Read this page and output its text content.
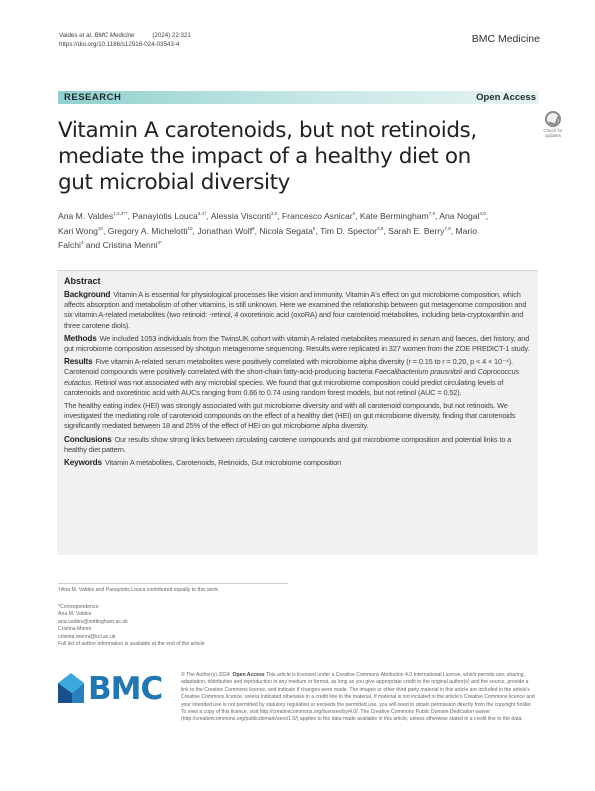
Valdes et al. BMC Medicine	(2024) 22:321
https://doi.org/10.1186/s12916-024-03543-4	BMC Medicine
RESEARCH	Open Access
Vitamin A carotenoids, but not retinoids, mediate the impact of a healthy diet on gut microbial diversity
Check for
updates
Ana M. Valdes$^{1,2,3*\dagger}$, Panayiotis Louca$^{3,4\dagger}$, Alessia Visconti$^{3,5}$, Francesco Asnicar$^6$, Kate Bermingham$^{7,8}$, Ana Nogal$^{3,9}$, Kari Wong$^{10}$, Gregory A. Michelotti$^{10}$, Jonathan Wolf$^8$, Nicola Segata$^6$, Tim D. Spector$^{3,8}$, Sarah E. Berry$^{7,8}$, Mario Falchi$^3$ and Cristina Menni$^{3*}$
Abstract

Background Vitamin A is essential for physiological processes like vision and immunity. Vitamin A's effect on gut microbiome composition, which affects absorption and metabolism of other vitamins, is still unknown. Here we examined the relationship between gut metagenome composition and six vitamin A-related metabolites (two retinoid: -retinol, 4 oxoretinoic acid (oxoRA) and four carotenoid metabolites, including beta-cryptoxanthin and three carotene diols).

Methods We included 1053 individuals from the TwinsUK cohort with vitamin A-related metabolites measured in serum and faeces, diet history, and gut microbiome composition assessed by shotgun metagenome sequencing. Results were replicated in 327 women from the ZOE PREDICT-1 study.

Results Five vitamin A-related serum metabolites were positively correlated with microbiome alpha diversity (r = 0.15 to r = 0.20, p < 4 × 10⁻⁴). Carotenoid compounds were positively correlated with the short-chain fatty-acid-producing bacteria Faecalibacterium prausnitzii and Coprococcus eutactus. Retinol was not associated with any microbial species. We found that gut microbiome composition could predict circulating levels of carotenoids and oxoretinoic acid with AUCs ranging from 0.66 to 0.74 using random forest models, but not retinol (AUC = 0.52).

The healthy eating index (HEI) was strongly associated with gut microbiome diversity and with all carotenoid compounds, but not retinoids. We investigated the mediating role of carotenoid compounds on the effect of a healthy diet (HEI) on gut microbiome diversity, finding that carotenoids significantly mediated between 18 and 25% of the effect of HEI on gut microbiome alpha diversity.

Conclusions Our results show strong links between circulating carotene compounds and gut microbiome composition and potential links to a healthy diet pattern.

Keywords Vitamin A metabolites, Carotenoids, Retinoids, Gut microbiome composition

†Ana M. Valdes and Panayiotis Louca contributed equally to this work.
*Correspondence:
Ana M. Valdes
ana.valdes@nottingham.ac.uk
Cristina Menni
cristina.menni@kcl.ac.uk
Full list of author information is available at the end of the article
BMC	© The Author(s) 2024. Open Access This article is licensed under a Creative Commons Attribution 4.0 International License, which permits use, sharing, adaptation, distribution and reproduction in any medium or format, as long as you give appropriate credit to the original author(s) and the source, provide a link to the Creative Commons licence, and indicate if changes were made. The images or other third party material in this article are included in the article's Creative Commons licence, unless indicated otherwise in a credit line to the material. If material is not included in the article's Creative Commons licence and your intended use is not permitted by statutory regulation or exceeds the permitted use, you will need to obtain permission directly from the copyright holder. To view a copy of this licence, visit http://creativecommons.org/licenses/by/4.0/. The Creative Commons Public Domain Dedication waiver (http://creativecommons.org/publicdomain/zero/1.0/) applies to the data made available in this article, unless otherwise stated in a credit line to the data.
